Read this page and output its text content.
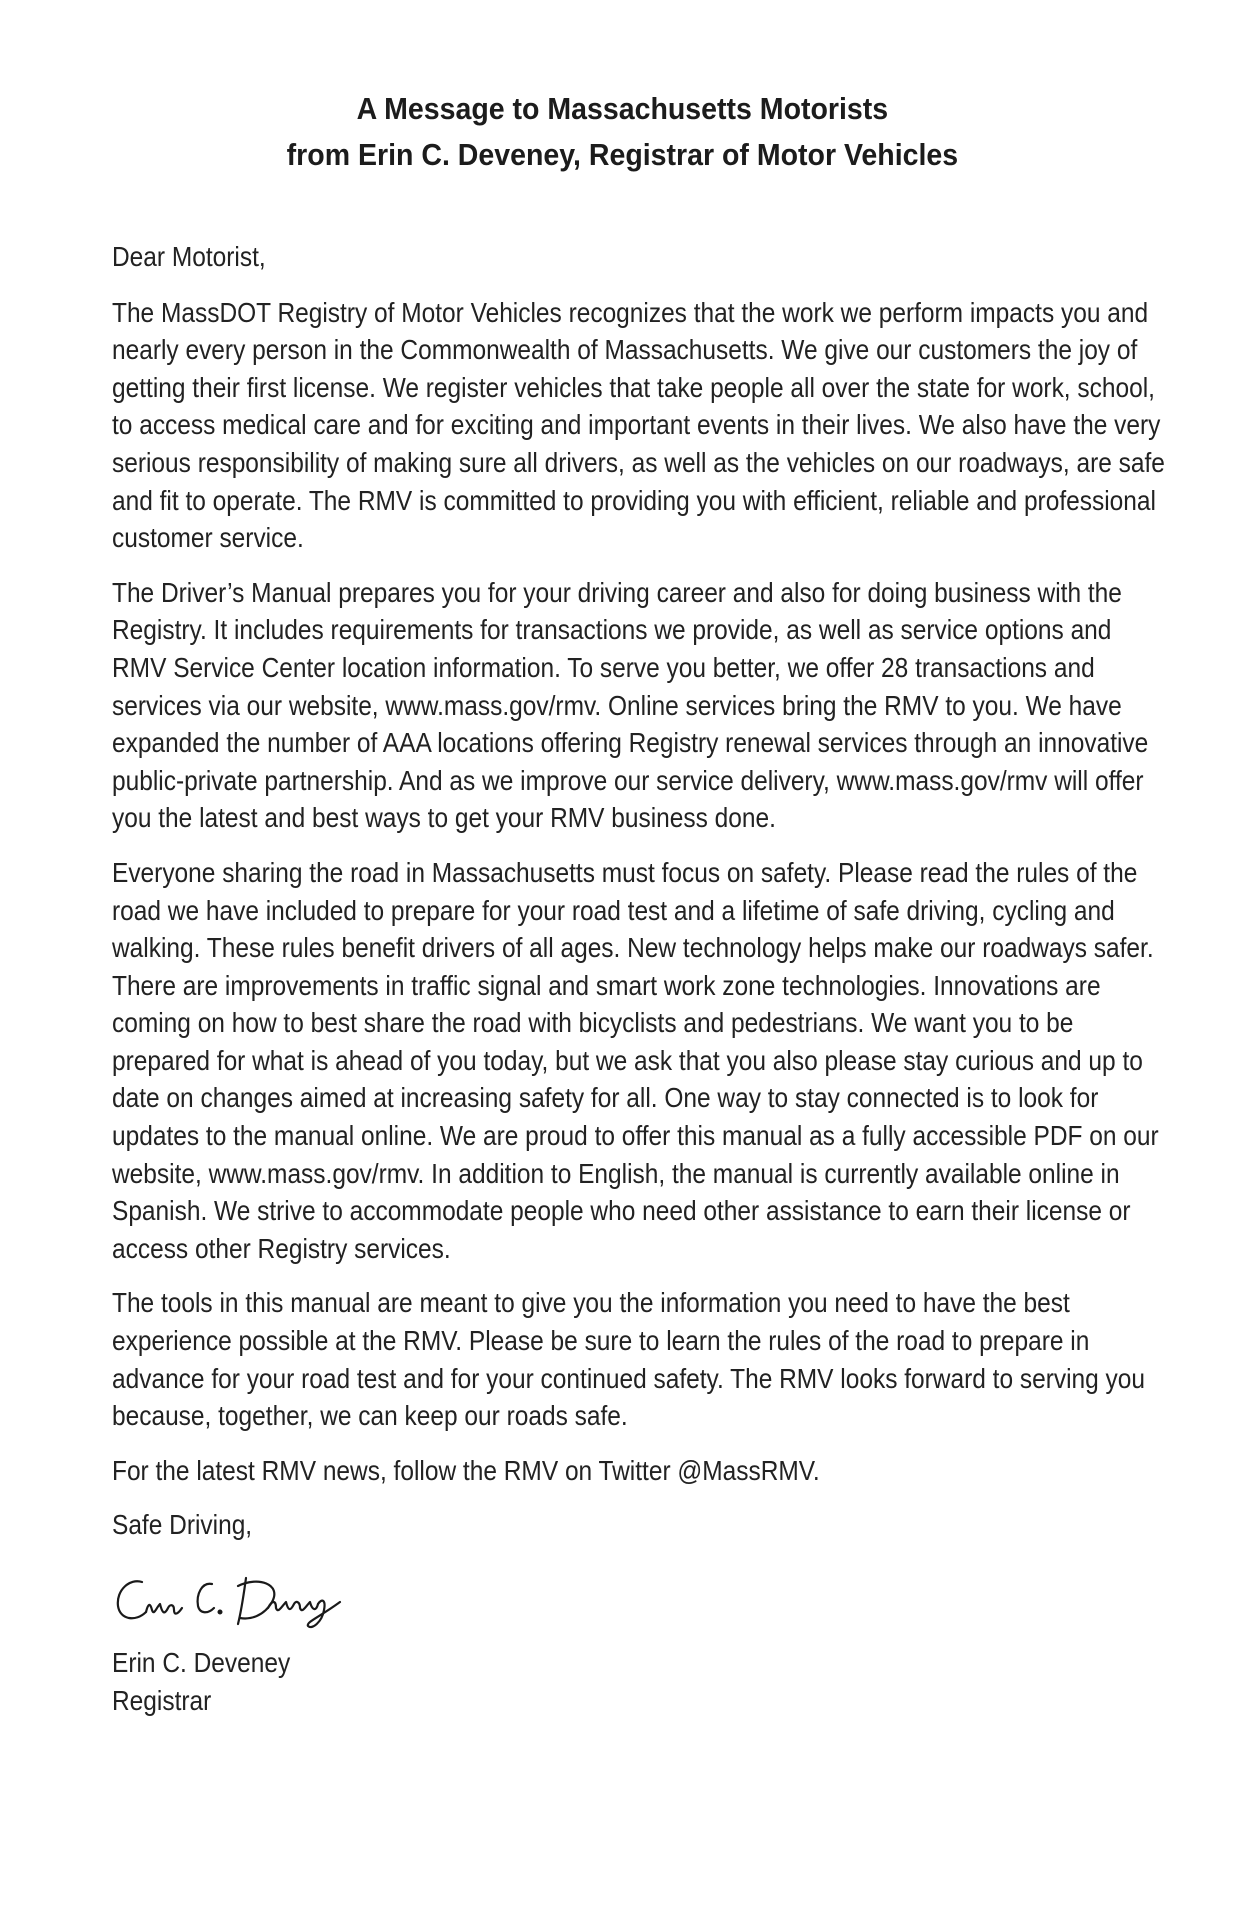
A Message to Massachusetts Motorists
from Erin C. Deveney, Registrar of Motor Vehicles

Dear Motorist,

The MassDOT Registry of Motor Vehicles recognizes that the work we perform impacts you and nearly every person in the Commonwealth of Massachusetts. We give our customers the joy of getting their first license. We register vehicles that take people all over the state for work, school, to access medical care and for exciting and important events in their lives. We also have the very serious responsibility of making sure all drivers, as well as the vehicles on our roadways, are safe and fit to operate. The RMV is committed to providing you with efficient, reliable and professional customer service.

The Driver’s Manual prepares you for your driving career and also for doing business with the Registry. It includes requirements for transactions we provide, as well as service options and RMV Service Center location information. To serve you better, we offer 28 transactions and services via our website, www.mass.gov/rmv. Online services bring the RMV to you. We have expanded the number of AAA locations offering Registry renewal services through an innovative public-private partnership. And as we improve our service delivery, www.mass.gov/rmv will offer you the latest and best ways to get your RMV business done.

Everyone sharing the road in Massachusetts must focus on safety. Please read the rules of the road we have included to prepare for your road test and a lifetime of safe driving, cycling and walking. These rules benefit drivers of all ages. New technology helps make our roadways safer. There are improvements in traffic signal and smart work zone technologies. Innovations are coming on how to best share the road with bicyclists and pedestrians. We want you to be prepared for what is ahead of you today, but we ask that you also please stay curious and up to date on changes aimed at increasing safety for all. One way to stay connected is to look for updates to the manual online. We are proud to offer this manual as a fully accessible PDF on our website, www.mass.gov/rmv. In addition to English, the manual is currently available online in Spanish. We strive to accommodate people who need other assistance to earn their license or access other Registry services.

The tools in this manual are meant to give you the information you need to have the best experience possible at the RMV. Please be sure to learn the rules of the road to prepare in advance for your road test and for your continued safety. The RMV looks forward to serving you because, together, we can keep our roads safe.

For the latest RMV news, follow the RMV on Twitter @MassRMV.

Safe Driving,

Erin C. Deveney
Registrar
